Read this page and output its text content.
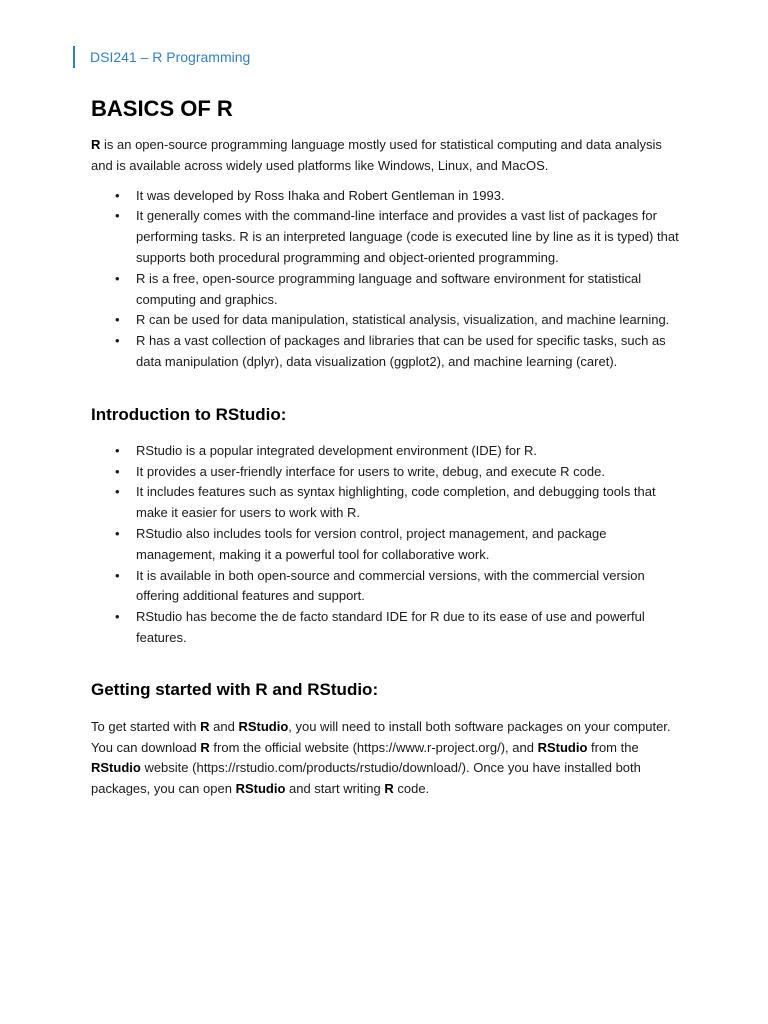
DSI241 – R Programming
BASICS OF R

R is an open-source programming language mostly used for statistical computing and data analysis and is available across widely used platforms like Windows, Linux, and MacOS.

• It was developed by Ross Ihaka and Robert Gentleman in 1993.
• It generally comes with the command-line interface and provides a vast list of packages for performing tasks. R is an interpreted language (code is executed line by line as it is typed) that supports both procedural programming and object-oriented programming.
• R is a free, open-source programming language and software environment for statistical computing and graphics.
• R can be used for data manipulation, statistical analysis, visualization, and machine learning.
• R has a vast collection of packages and libraries that can be used for specific tasks, such as data manipulation (dplyr), data visualization (ggplot2), and machine learning (caret).
Introduction to RStudio:
• RStudio is a popular integrated development environment (IDE) for R.
• It provides a user-friendly interface for users to write, debug, and execute R code.
• It includes features such as syntax highlighting, code completion, and debugging tools that make it easier for users to work with R.
• RStudio also includes tools for version control, project management, and package management, making it a powerful tool for collaborative work.
• It is available in both open-source and commercial versions, with the commercial version offering additional features and support.
• RStudio has become the de facto standard IDE for R due to its ease of use and powerful features.
Getting started with R and RStudio:

To get started with R and RStudio, you will need to install both software packages on your computer. You can download R from the official website (https://www.r-project.org/), and RStudio from the RStudio website (https://rstudio.com/products/rstudio/download/). Once you have installed both packages, you can open RStudio and start writing R code.
